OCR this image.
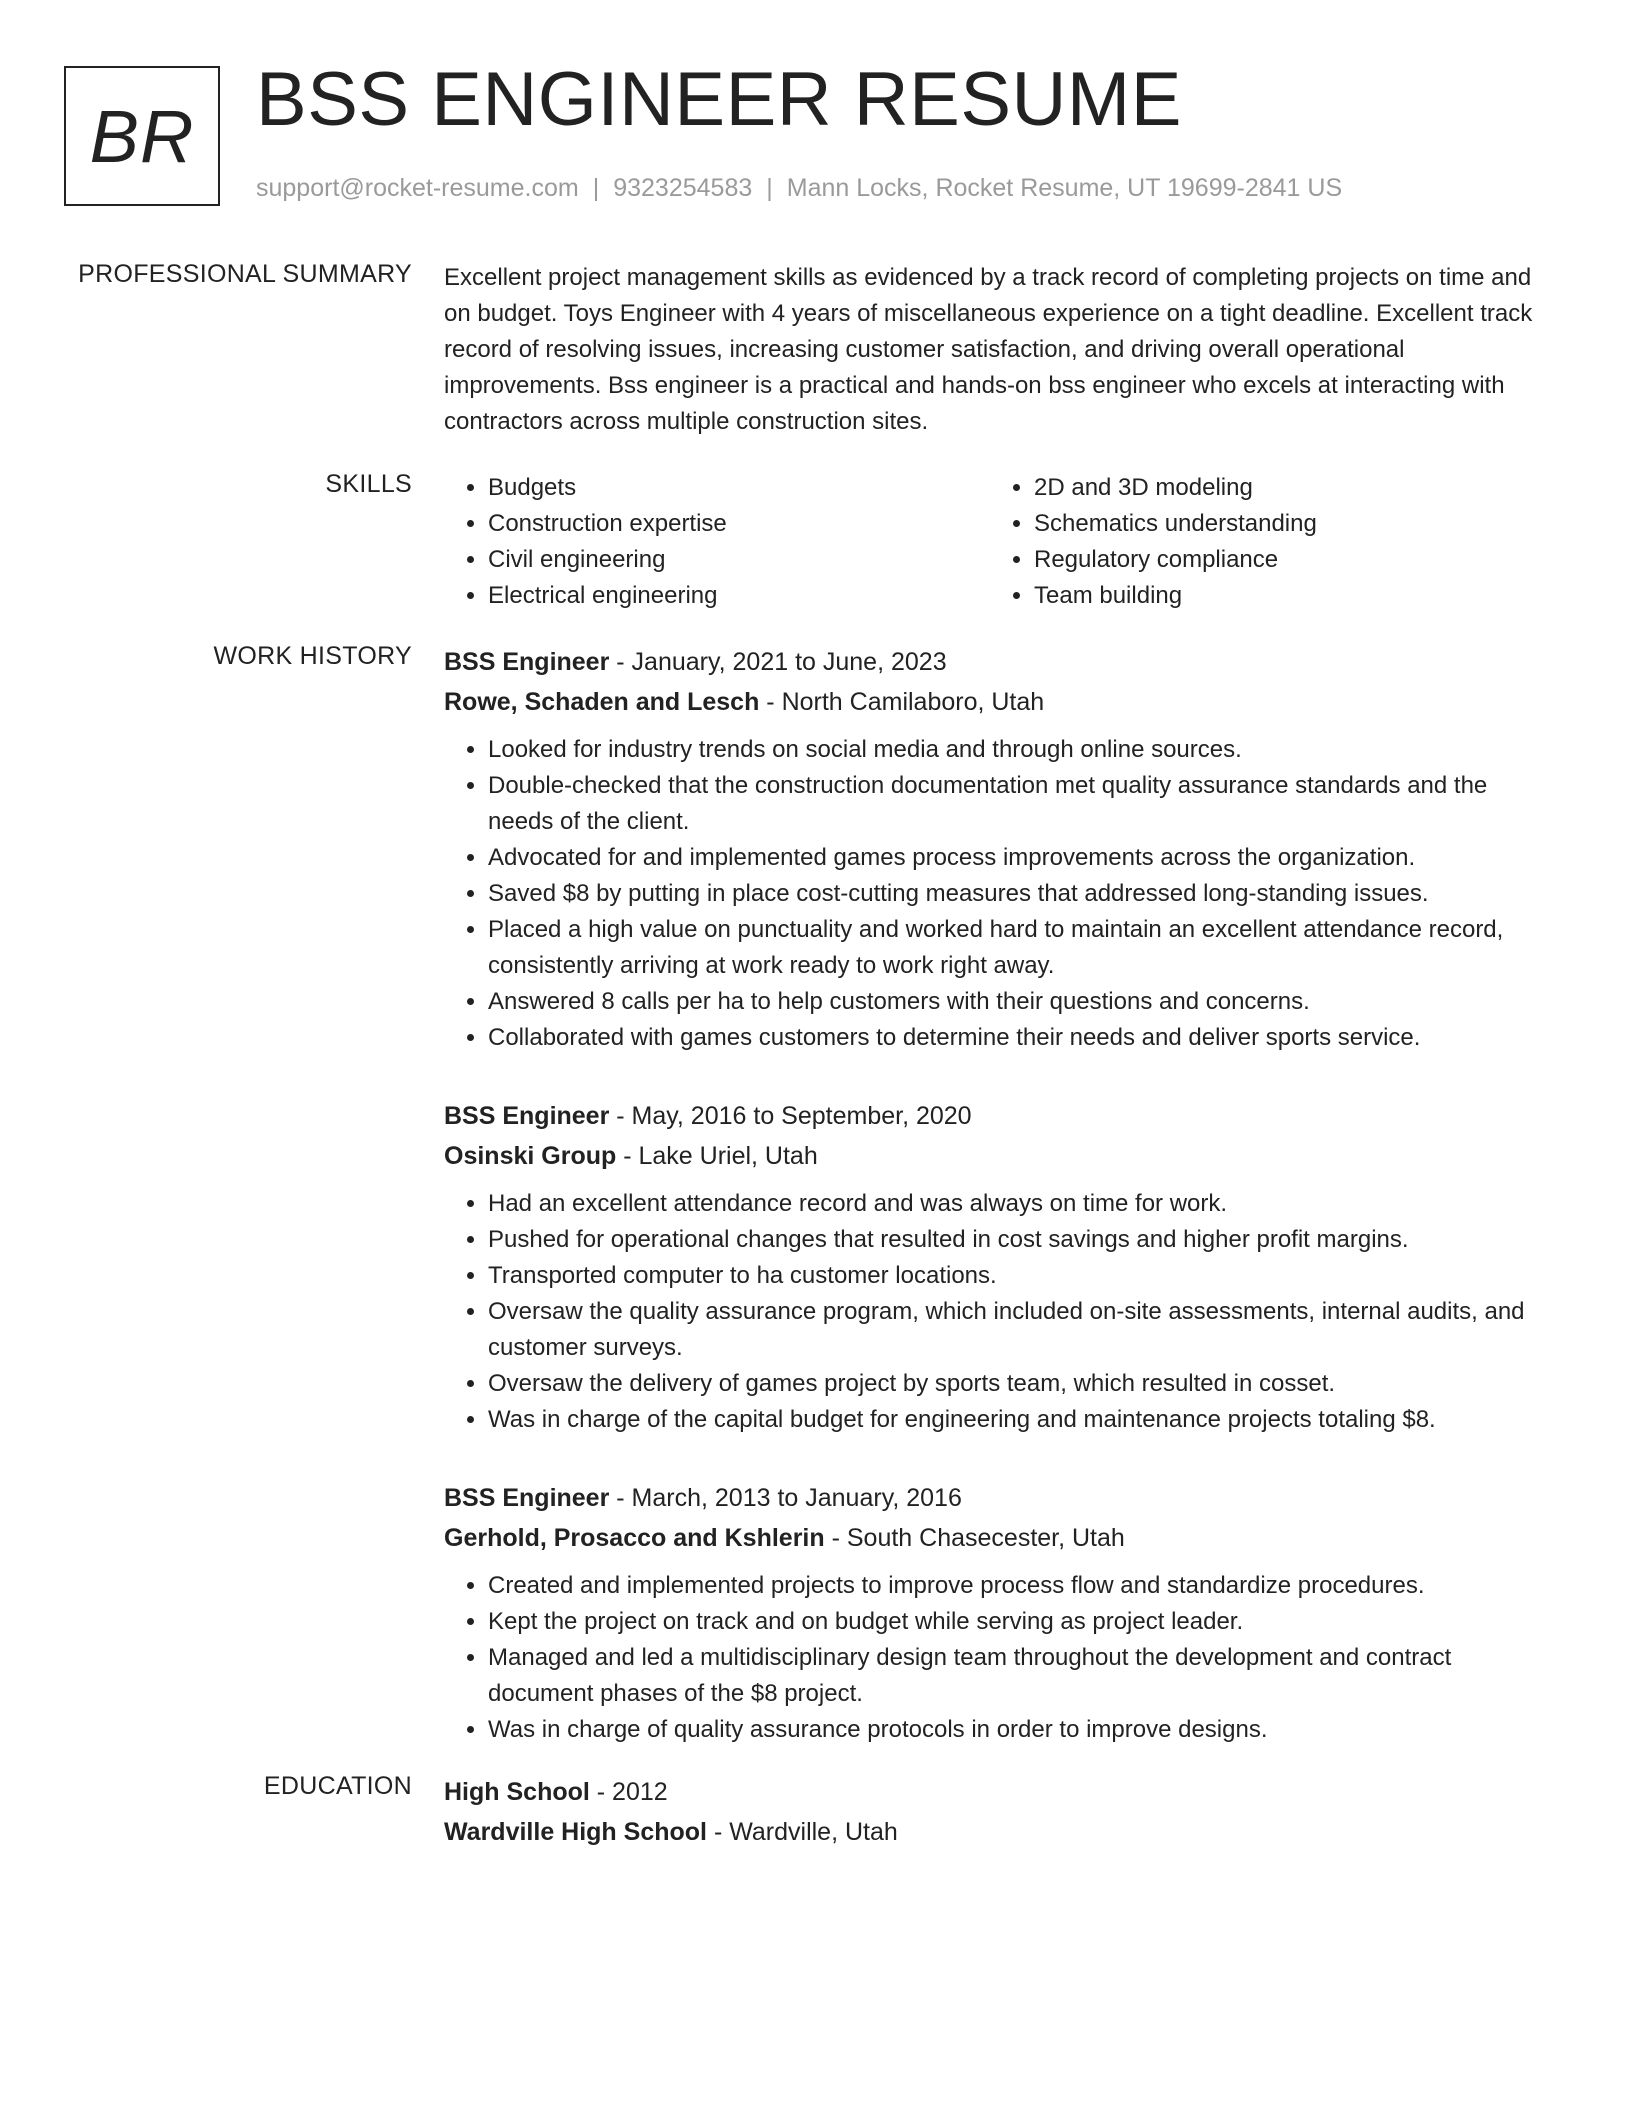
BR BSS ENGINEER RESUME
support@rocket-resume.com | 9323254583 | Mann Locks, Rocket Resume, UT 19699-2841 US
PROFESSIONAL SUMMARY Excellent project management skills as evidenced by a track record of completing projects on time and on budget. Toys Engineer with 4 years of miscellaneous experience on a tight deadline. Excellent track record of resolving issues, increasing customer satisfaction, and driving overall operational improvements. Bss engineer is a practical and hands-on bss engineer who excels at interacting with contractors across multiple construction sites.

SKILLS
•	Budgets
• Construction expertise
• Civil engineering
• Electrical engineering
• 2D and 3D modeling
• Schematics understanding
• Regulatory compliance
• Team building
WORK HISTORY BSS Engineer - January, 2021 to June, 2023
Rowe, Schaden and Lesch - North Camilaboro, Utah
• Looked for industry trends on social media and through online sources.
• Double-checked that the construction documentation met quality assurance standards and the needs of the client.
• Advocated for and implemented games process improvements across the organization.
• Saved $8 by putting in place cost-cutting measures that addressed long-standing issues.
• Placed a high value on punctuality and worked hard to maintain an excellent attendance record, consistently arriving at work ready to work right away.
• Answered 8 calls per ha to help customers with their questions and concerns.
• Collaborated with games customers to determine their needs and deliver sports service.
BSS Engineer - May, 2016 to September, 2020
Osinski Group - Lake Uriel, Utah
• Had an excellent attendance record and was always on time for work.
• Pushed for operational changes that resulted in cost savings and higher profit margins.
• Transported computer to ha customer locations.
• Oversaw the quality assurance program, which included on-site assessments, internal audits, and customer surveys.
• Oversaw the delivery of games project by sports team, which resulted in cosset.
• Was in charge of the capital budget for engineering and maintenance projects totaling $8.
BSS Engineer - March, 2013 to January, 2016
Gerhold, Prosacco and Kshlerin - South Chasecester, Utah
• Created and implemented projects to improve process flow and standardize procedures.
• Kept the project on track and on budget while serving as project leader.
• Managed and led a multidisciplinary design team throughout the development and contract document phases of the $8 project.
• Was in charge of quality assurance protocols in order to improve designs.
EDUCATION High School - 2012
Wardville High School - Wardville, Utah
